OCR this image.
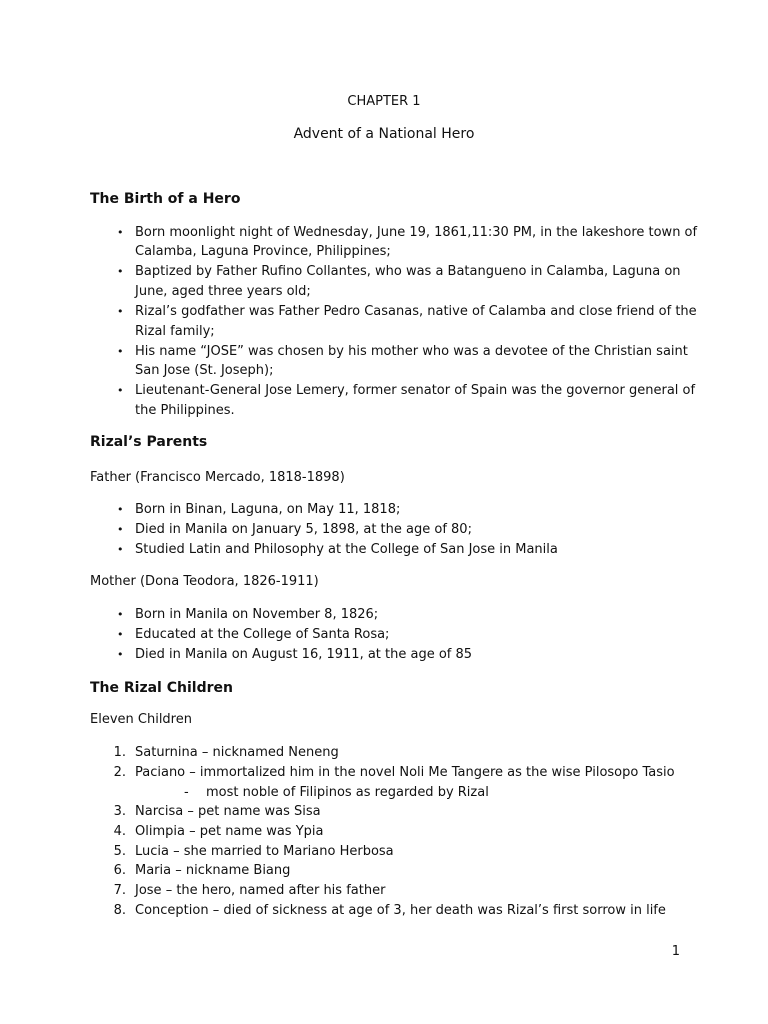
CHAPTER 1
Advent of a National Hero
The Birth of a Hero
• Born moonlight night of Wednesday, June 19, 1861,11:30 PM, in the lakeshore town of
Calamba, Laguna Province, Philippines;
• Baptized by Father Rufino Collantes, who was a Batangueno in Calamba, Laguna on
June, aged three years old;
• Rizal’s godfather was Father Pedro Casanas, native of Calamba and close friend of the
Rizal family;
• His name “JOSE” was chosen by his mother who was a devotee of the Christian saint
San Jose (St. Joseph);
• Lieutenant-General Jose Lemery, former senator of Spain was the governor general of
the Philippines.
Rizal’s Parents
Father (Francisco Mercado, 1818-1898)
• Born in Binan, Laguna, on May 11, 1818;
• Died in Manila on January 5, 1898, at the age of 80;
• Studied Latin and Philosophy at the College of San Jose in Manila
Mother (Dona Teodora, 1826-1911)
• Born in Manila on November 8, 1826;
• Educated at the College of Santa Rosa;
• Died in Manila on August 16, 1911, at the age of 85
The Rizal Children
Eleven Children
1. Saturnina – nicknamed Neneng
2. Paciano – immortalized him in the novel Noli Me Tangere as the wise Pilosopo Tasio
- most noble of Filipinos as regarded by Rizal
3. Narcisa – pet name was Sisa
4. Olimpia – pet name was Ypia
5. Lucia – she married to Mariano Herbosa
6. Maria – nickname Biang
7. Jose – the hero, named after his father
8. Conception – died of sickness at age of 3, her death was Rizal’s first sorrow in life
1
